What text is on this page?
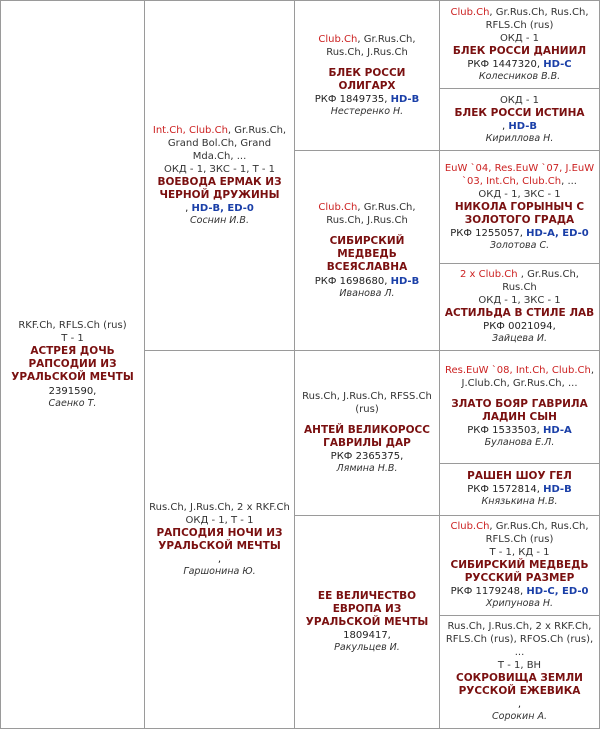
RKF.Ch, RFLS.Ch (rus)
Т - 1
АСТРЕЯ ДОЧЬ РАПСОДИИ ИЗ УРАЛЬСКОЙ МЕЧТЫ
2391590,
Саенко Т.
Int.Ch, Club.Ch, Gr.Rus.Ch, Grand Bol.Ch, Grand Mda.Ch, ...
ОКД - 1, ЗКС - 1, Т - 1
ВОЕВОДА ЕРМАК ИЗ ЧЕРНОЙ ДРУЖИНЫ
, HD-B, ED-0
Соснин И.В.
Rus.Ch, J.Rus.Ch, 2 x RKF.Ch
ОКД - 1, Т - 1
РАПСОДИЯ НОЧИ ИЗ УРАЛЬСКОЙ МЕЧТЫ
,
Гаршонина Ю.
Club.Ch, Gr.Rus.Ch, Rus.Ch, J.Rus.Ch
БЛЕК РОССИ ОЛИГАРХ
РКФ 1849735, HD-B
Нестеренко Н.
Club.Ch, Gr.Rus.Ch, Rus.Ch, J.Rus.Ch
СИБИРСКИЙ МЕДВЕДЬ ВСЕЯСЛАВНА
РКФ 1698680, HD-B
Иванова Л.
Rus.Ch, J.Rus.Ch, RFSS.Ch (rus)
АНТЕЙ ВЕЛИКОРОСС ГАВРИЛЫ ДАР
РКФ 2365375,
Лямина Н.В.
ЕЕ ВЕЛИЧЕСТВО ЕВРОПА ИЗ УРАЛЬСКОЙ МЕЧТЫ
1809417,
Ракульцев И.
Club.Ch, Gr.Rus.Ch, Rus.Ch, RFLS.Ch (rus)
ОКД - 1
БЛЕК РОССИ ДАНИИЛ
РКФ 1447320, HD-C
Колесников В.В.
ОКД - 1
БЛЕК РОССИ ИСТИНА
, HD-B
Кириллова Н.
EuW `04, Res.EuW `07, J.EuW `03, Int.Ch, Club.Ch, ...
ОКД - 1, ЗКС - 1
НИКОЛА ГОРЫНЫЧ С ЗОЛОТОГО ГРАДА
РКФ 1255057, HD-A, ED-0
Золотова С.
2 x Club.Ch , Gr.Rus.Ch, Rus.Ch
ОКД - 1, ЗКС - 1
АСТИЛЬДА В СТИЛЕ ЛАВ
РКФ 0021094,
Зайцева И.
Res.EuW `08, Int.Ch, Club.Ch, J.Club.Ch, Gr.Rus.Ch, ...
ЗЛАТО БОЯР ГАВРИЛА ЛАДИН СЫН
РКФ 1533503, HD-A
Буланова Е.Л.
РАШЕН ШОУ ГЕЛ
РКФ 1572814, HD-B
Князькина Н.В.
Club.Ch, Gr.Rus.Ch, Rus.Ch, RFLS.Ch (rus)
Т - 1, КД - 1
СИБИРСКИЙ МЕДВЕДЬ РУССКИЙ РАЗМЕР
РКФ 1179248, HD-C, ED-0
Хрипунова Н.
Rus.Ch, J.Rus.Ch, 2 x RKF.Ch, RFLS.Ch (rus), RFOS.Ch (rus), ...
Т - 1, ВН
СОКРОВИЩА ЗЕМЛИ РУССКОЙ ЕЖЕВИКА
,
Сорокин А.
